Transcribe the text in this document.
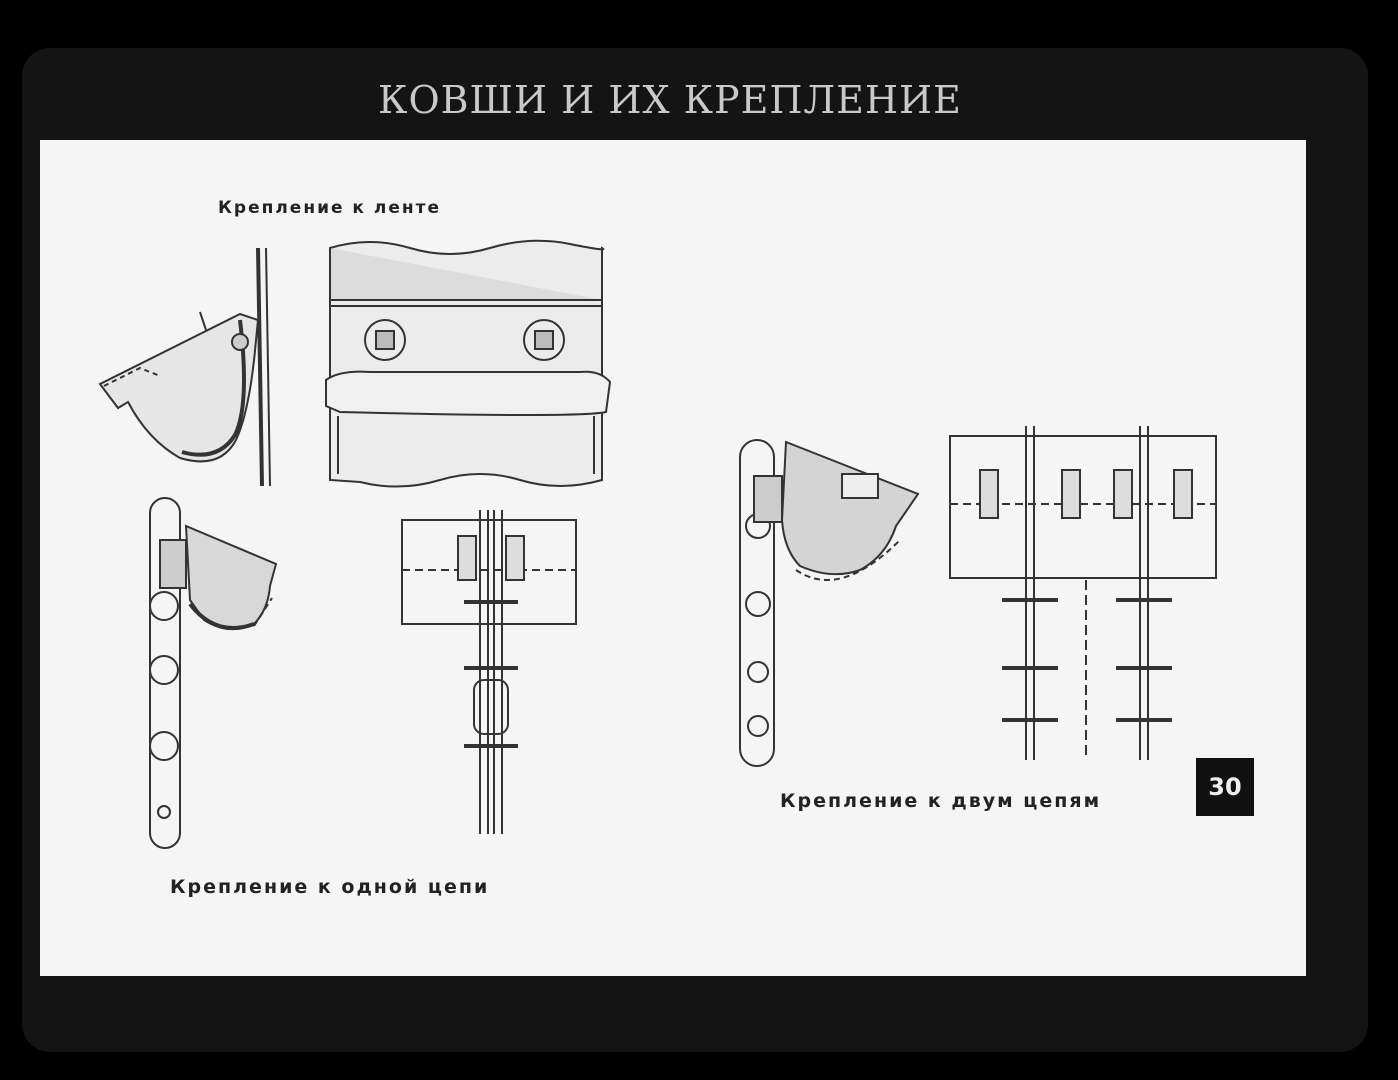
КОВШИ И ИХ КРЕПЛЕНИЕ
Крепление к ленте
Крепление к одной цепи
Крепление к двум цепям	30
